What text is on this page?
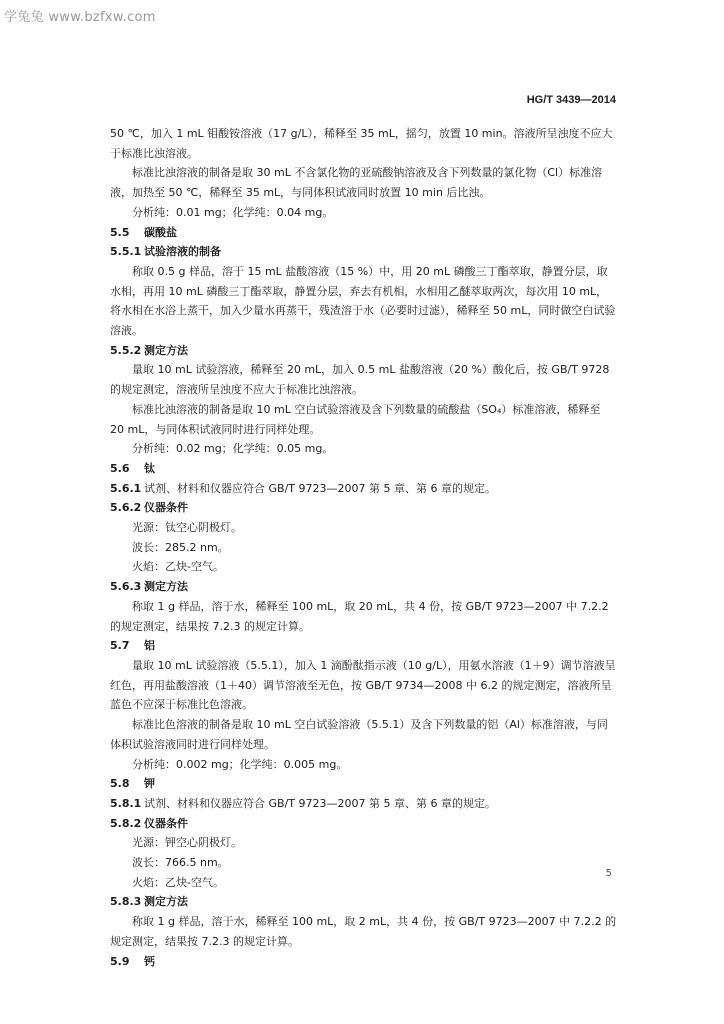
学兔兔 www.bzfxw.com
HG/T 3439—2014

50 ℃，加入 1 mL 钼酸铵溶液（17 g/L），稀释至 35 mL，摇匀，放置 10 min。溶液所呈浊度不应大于标准比浊溶液。

标准比浊溶液的制备是取 30 mL 不含氯化物的亚硫酸钠溶液及含下列数量的氯化物（Cl）标准溶液，加热至 50 ℃，稀释至 35 mL，与同体积试液同时放置 10 min 后比浊。

分析纯：0.01 mg；化学纯：0.04 mg。

5.5 碳酸盐

5.5.1 试验溶液的制备

称取 0.5 g 样品，溶于 15 mL 盐酸溶液（15 %）中，用 20 mL 磷酸三丁酯萃取，静置分层，取水相，再用 10 mL 磷酸三丁酯萃取，静置分层，弃去有机相，水相用乙醚萃取两次，每次用 10 mL，将水相在水浴上蒸干，加入少量水再蒸干，残渣溶于水（必要时过滤），稀释至 50 mL，同时做空白试验溶液。

5.5.2 测定方法

量取 10 mL 试验溶液，稀释至 20 mL，加入 0.5 mL 盐酸溶液（20 %）酸化后，按 GB/T 9728 的规定测定，溶液所呈浊度不应大于标准比浊溶液。

标准比浊溶液的制备是取 10 mL 空白试验溶液及含下列数量的硫酸盐（SO₄）标准溶液，稀释至 20 mL，与同体积试液同时进行同样处理。

分析纯：0.02 mg；化学纯：0.05 mg。

5.6 钛

5.6.1 试剂、材料和仪器应符合 GB/T 9723—2007 第 5 章、第 6 章的规定。

5.6.2 仪器条件

光源：钛空心阴极灯。

波长：285.2 nm。

火焰：乙炔-空气。

5.6.3 测定方法

称取 1 g 样品，溶于水，稀释至 100 mL，取 20 mL，共 4 份，按 GB/T 9723—2007 中 7.2.2 的规定测定，结果按 7.2.3 的规定计算。

5.7 铝

量取 10 mL 试验溶液（5.5.1），加入 1 滴酚酞指示液（10 g/L），用氨水溶液（1＋9）调节溶液呈红色，再用盐酸溶液（1＋40）调节溶液至无色，按 GB/T 9734—2008 中 6.2 的规定测定，溶液所呈蓝色不应深于标准比色溶液。

标准比色溶液的制备是取 10 mL 空白试验溶液（5.5.1）及含下列数量的铝（Al）标准溶液，与同体积试验溶液同时进行同样处理。

分析纯：0.002 mg；化学纯：0.005 mg。

5.8 钾

5.8.1 试剂、材料和仪器应符合 GB/T 9723—2007 第 5 章、第 6 章的规定。

5.8.2 仪器条件

光源：钾空心阴极灯。

波长：766.5 nm。

火焰：乙炔-空气。

5.8.3 测定方法

称取 1 g 样品，溶于水，稀释至 100 mL，取 2 mL，共 4 份，按 GB/T 9723—2007 中 7.2.2 的规定测定，结果按 7.2.3 的规定计算。

5.9 钙

5
